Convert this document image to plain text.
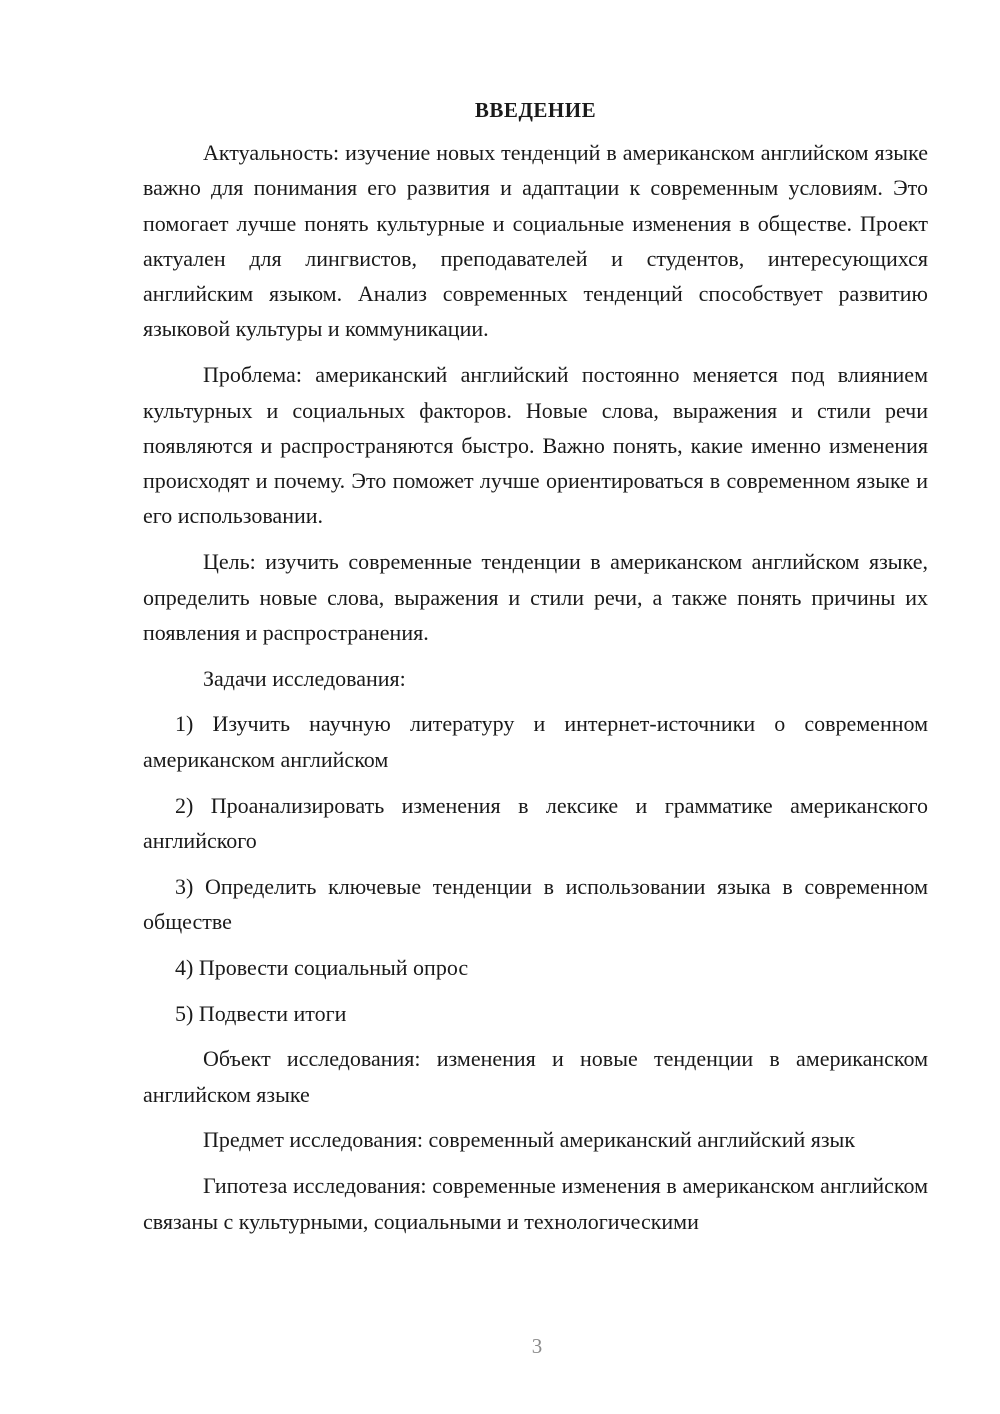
ВВЕДЕНИЕ

Актуальность: изучение новых тенденций в американском английском языке важно для понимания его развития и адаптации к современным условиям. Это помогает лучше понять культурные и социальные изменения в обществе. Проект актуален для лингвистов, преподавателей и студентов, интересующихся английским языком. Анализ современных тенденций способствует развитию языковой культуры и коммуникации.

Проблема: американский английский постоянно меняется под влиянием культурных и социальных факторов. Новые слова, выражения и стили речи появляются и распространяются быстро. Важно понять, какие именно изменения происходят и почему. Это поможет лучше ориентироваться в современном языке и его использовании.

Цель: изучить современные тенденции в американском английском языке, определить новые слова, выражения и стили речи, а также понять причины их появления и распространения.

Задачи исследования:

1) Изучить научную литературу и интернет-источники о современном американском английском

2) Проанализировать изменения в лексике и грамматике американского английского

3) Определить ключевые тенденции в использовании языка в современном обществе

4) Провести социальный опрос

5) Подвести итоги

Объект исследования: изменения и новые тенденции в американском английском языке

Предмет исследования: современный американский английский язык

Гипотеза исследования: современные изменения в американском английском связаны с культурными, социальными и технологическими

3
